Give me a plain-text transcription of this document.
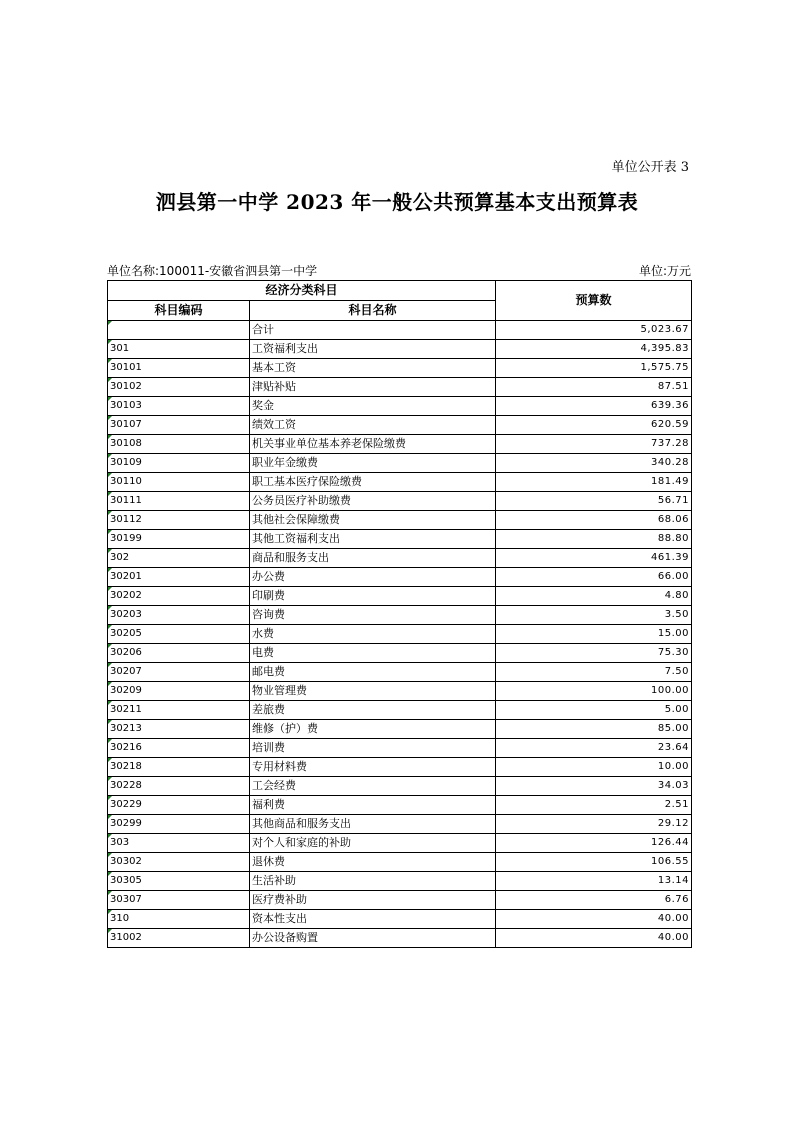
单位公开表 3
泗县第一中学 2023 年一般公共预算基本支出预算表
单位名称:100011-安徽省泗县第一中学	单位:万元
经济分类科目		预算数
科目编码	科目名称	
	合计	5,023.67
301	工资福利支出	4,395.83
30101	基本工资	1,575.75
30102	津贴补贴	87.51
30103	奖金	639.36
30107	绩效工资	620.59
30108	机关事业单位基本养老保险缴费	737.28
30109	职业年金缴费	340.28
30110	职工基本医疗保险缴费	181.49
30111	公务员医疗补助缴费	56.71
30112	其他社会保障缴费	68.06
30199	其他工资福利支出	88.80
302	商品和服务支出	461.39
30201	办公费	66.00
30202	印刷费	4.80
30203	咨询费	3.50
30205	水费	15.00
30206	电费	75.30
30207	邮电费	7.50
30209	物业管理费	100.00
30211	差旅费	5.00
30213	维修（护）费	85.00
30216	培训费	23.64
30218	专用材料费	10.00
30228	工会经费	34.03
30229	福利费	2.51
30299	其他商品和服务支出	29.12
303	对个人和家庭的补助	126.44
30302	退休费	106.55
30305	生活补助	13.14
30307	医疗费补助	6.76
310	资本性支出	40.00
31002	办公设备购置	40.00
